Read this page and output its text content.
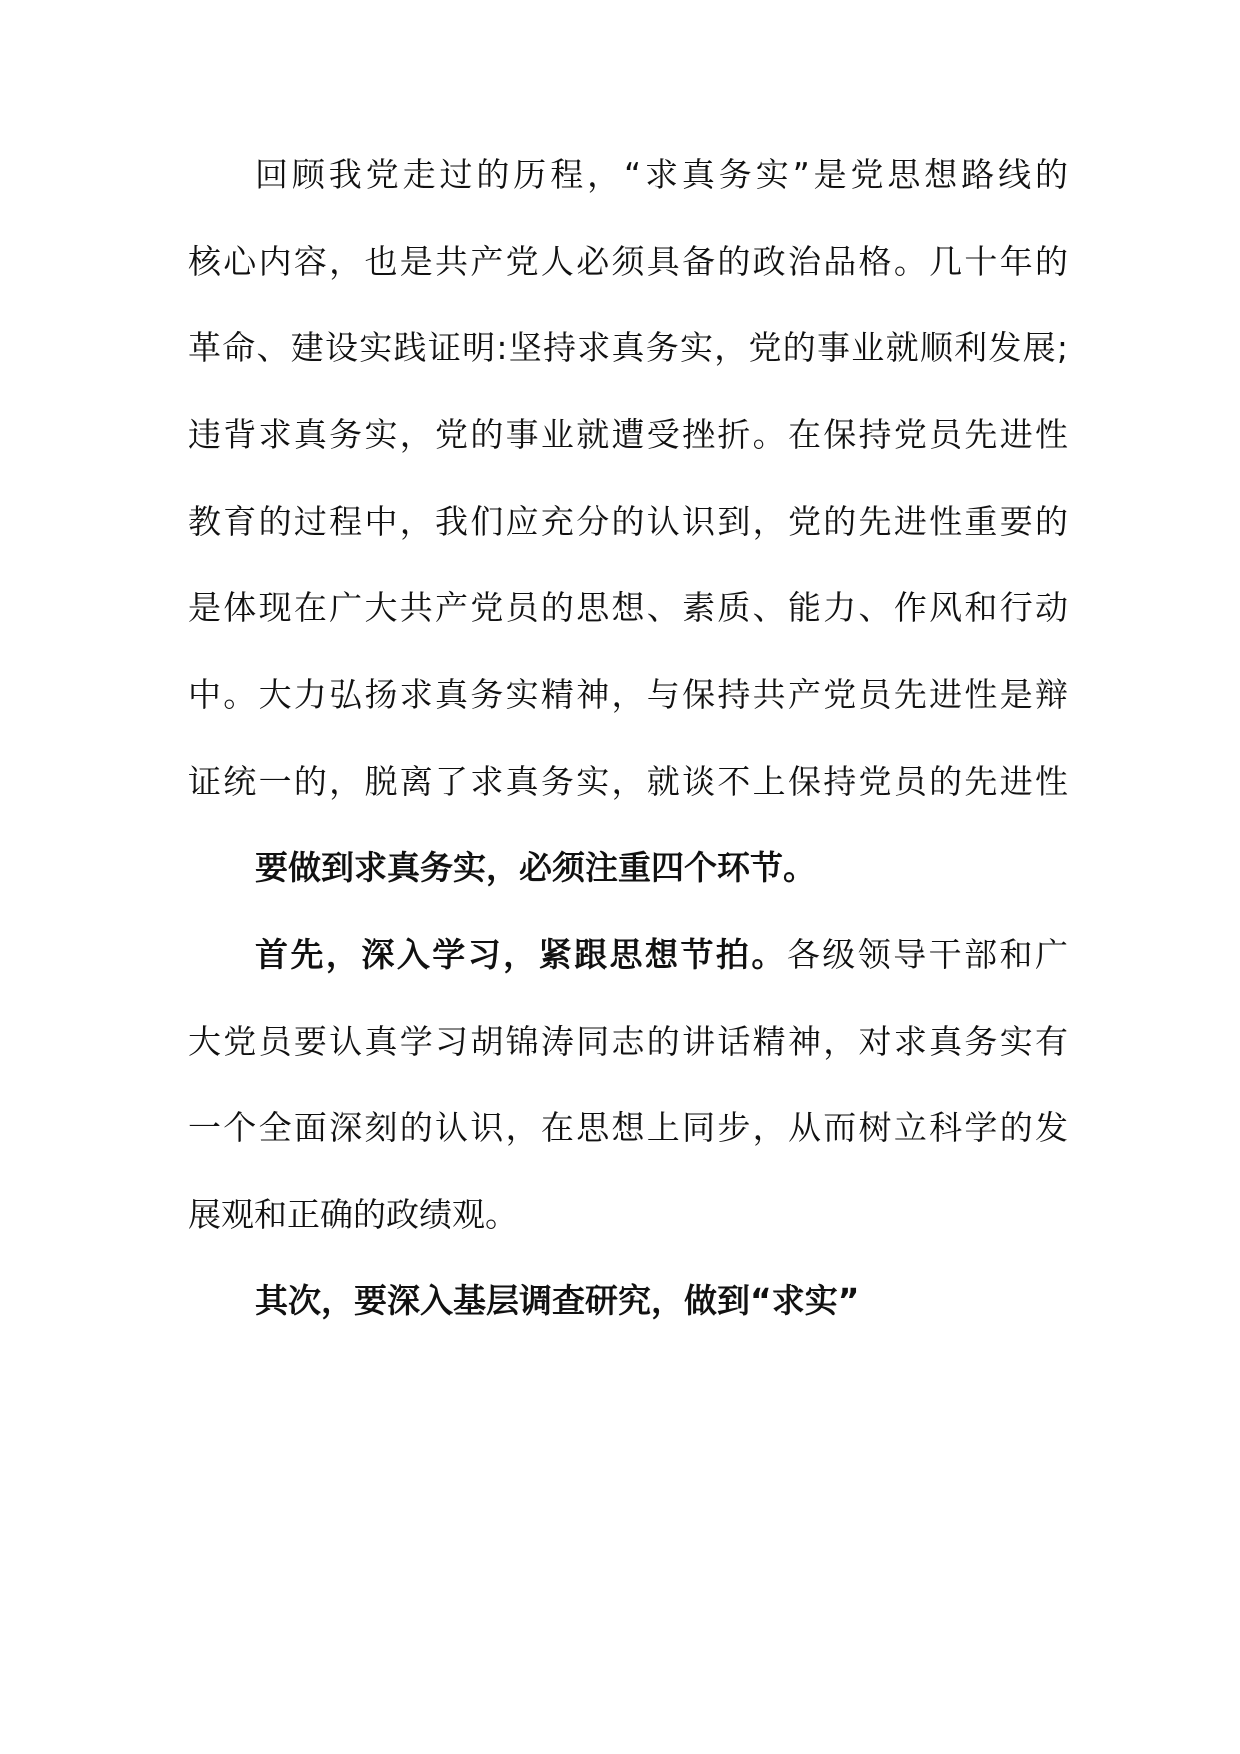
回顾我党走过的历程，“求真务实”是党思想路线的
核心内容，也是共产党人必须具备的政治品格。几十年的
革命、建设实践证明:坚持求真务实，党的事业就顺利发展;
违背求真务实，党的事业就遭受挫折。在保持党员先进性
教育的过程中，我们应充分的认识到，党的先进性重要的
是体现在广大共产党员的思想、素质、能力、作风和行动
中。大力弘扬求真务实精神，与保持共产党员先进性是辩
证统一的，脱离了求真务实，就谈不上保持党员的先进性
要做到求真务实，必须注重四个环节。
首先，深入学习，紧跟思想节拍。各级领导干部和广
大党员要认真学习胡锦涛同志的讲话精神，对求真务实有
一个全面深刻的认识，在思想上同步，从而树立科学的发
展观和正确的政绩观。
其次，要深入基层调查研究，做到“求实”
